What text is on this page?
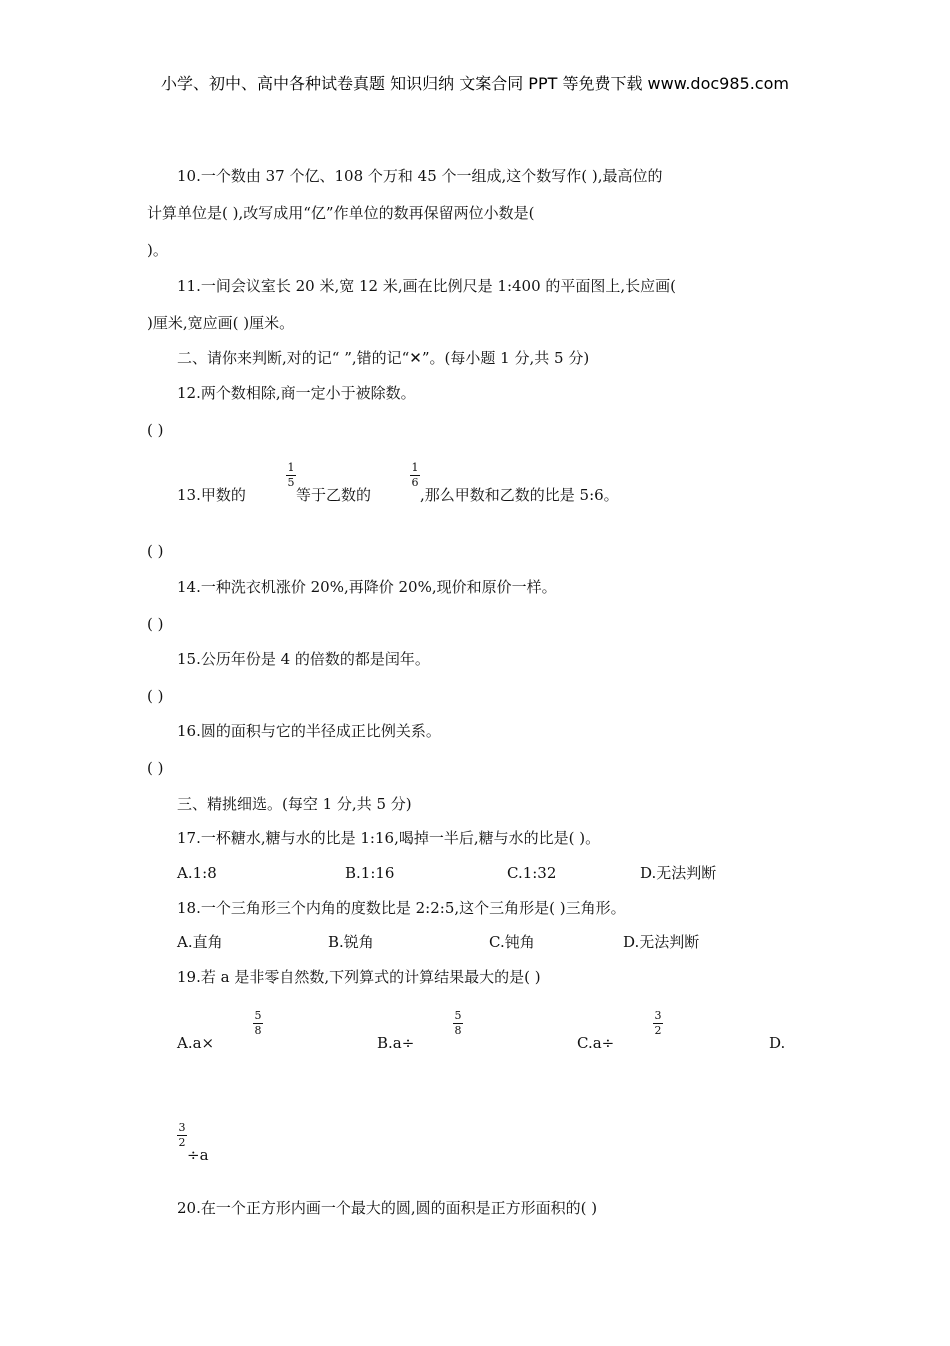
小学、初中、高中各种试卷真题 知识归纳 文案合同 PPT 等免费下载 www.doc985.com
10.一个数由 37 个亿、108 个万和 45 个一组成,这个数写作( ),最高位的
计算单位是( ),改写成用“亿”作单位的数再保留两位小数是(
)。
11.一间会议室长 20 米,宽 12 米,画在比例尺是 1:400 的平面图上,长应画(
)厘米,宽应画( )厘米。
二、请你来判断,对的记“ ”,错的记“✕”。(每小题 1 分,共 5 分)
12.两个数相除,商一定小于被除数。
( )
13.甲数的
1
5
等于乙数的
1
6
,那么甲数和乙数的比是 5:6。
( )
14.一种洗衣机涨价 20%,再降价 20%,现价和原价一样。
( )
15.公历年份是 4 的倍数的都是闰年。
( )
16.圆的面积与它的半径成正比例关系。
( )
三、精挑细选。(每空 1 分,共 5 分)
17.一杯糖水,糖与水的比是 1:16,喝掉一半后,糖与水的比是( )。
A.1:8	B.1:16	C.1:32	D.无法判断
18.一个三角形三个内角的度数比是 2:2:5,这个三角形是( )三角形。
A.直角	B.锐角	C.钝角	D.无法判断
19.若 a 是非零自然数,下列算式的计算结果最大的是( )
A.a×
5
8
B.a÷
5
8
C.a÷
3
2
D.
3
2
÷a
20.在一个正方形内画一个最大的圆,圆的面积是正方形面积的( )
